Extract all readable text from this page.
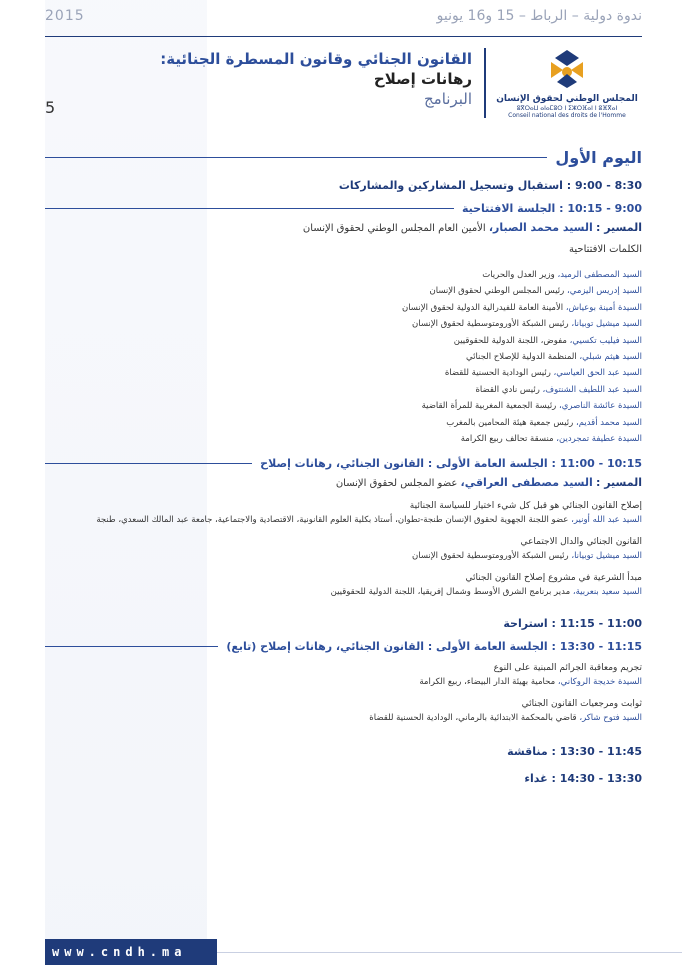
2015	ندوة دولية – الرباط – 15 و16 يونيو
المجلس الوطني لحقوق الإنسان
ⵓⴳⵔⴰⵡ ⴰⵏⴰⵎⵓⵔ ⵏ ⵉⵣⵔⴼⴰⵏ ⵏ ⵓⴼⴳⴰⵏ
Conseil national des droits de l'Homme
القانون الجنائي وقانون المسطرة الجنائية:
رهانات إصلاح
البرنامج
5
اليوم الأول
8:30 - 9:00 : استقبال وتسجيل المشاركين والمشاركات
9:00 - 10:15 : الجلسة الافتتاحية
المسير : السيد محمد الصبار، الأمين العام المجلس الوطني لحقوق الإنسان
الكلمات الافتتاحية
السيد المصطفى الرميد، وزير العدل والحريات
السيد إدريس اليزمي، رئيس المجلس الوطني لحقوق الإنسان
السيدة أمينة بوعياش، الأمينة العامة للفيدرالية الدولية لحقوق الإنسان
السيد ميشيل توبيانا، رئيس الشبكة الأورومتوسطية لحقوق الإنسان
السيد فيليب تكسيي، مفوض، اللجنة الدولية للحقوقيين
السيد هيثم شبلي، المنظمة الدولية للإصلاح الجنائي
السيد عبد الحق العياسي، رئيس الودادية الحسنية للقضاة
السيد عبد اللطيف الشنتوف، رئيس نادي القضاة
السيدة عائشة الناصري، رئيسة الجمعية المغربية للمرأة القاضية
السيد محمد أقديم، رئيس جمعية هيئة المحامين بالمغرب
السيدة عطيفة تمجردين، منسقة تحالف ربيع الكرامة
10:15 - 11:00 : الجلسة العامة الأولى : القانون الجنائي، رهانات إصلاح
المسير : السيد مصطفى العراقي، عضو المجلس لحقوق الإنسان
إصلاح القانون الجنائي هو قبل كل شيء اختيار للسياسة الجنائية
السيد عبد الله أونير، عضو اللجنة الجهوية لحقوق الإنسان طنجة-تطوان، أستاذ بكلية العلوم القانونية، الاقتصادية والاجتماعية، جامعة عبد المالك السعدي، طنجة
القانون الجنائي والدال الاجتماعي
السيد ميشيل توبيانا، رئيس الشبكة الأورومتوسطية لحقوق الإنسان
مبدأ الشرعية في مشروع إصلاح القانون الجنائي
السيد سعيد بنعربية، مدير برنامج الشرق الأوسط وشمال إفريقيا، اللجنة الدولية للحقوقيين
11:00 - 11:15 : استراحة
11:15 - 13:30 : الجلسة العامة الأولى : القانون الجنائي، رهانات إصلاح (تابع)
تجريم ومعاقبة الجرائم المبنية على النوع
السيدة خديجة الروكاني، محامية بهيئة الدار البيضاء، ربيع الكرامة
ثوابت ومرجعيات القانون الجنائي
السيد فتوح شاكر، قاضي بالمحكمة الابتدائية بالرماني، الودادية الحسنية للقضاة
11:45 - 13:30 : مناقشة
13:30 - 14:30 : غداء
www.cndh.ma
